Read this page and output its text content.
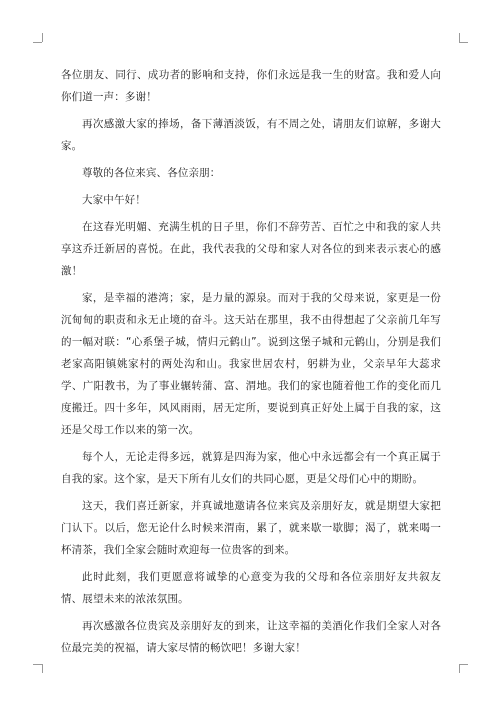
各位朋友、同行、成功者的影响和支持，你们永远是我一生的财富。我和爱人向你们道一声：多谢！

再次感激大家的捧场，备下薄酒淡饭，有不周之处，请朋友们谅解，多谢大家。

尊敬的各位来宾、各位亲朋：

大家中午好！

在这春光明媚、充满生机的日子里，你们不辞劳苦、百忙之中和我的家人共享这乔迁新居的喜悦。在此，我代表我的父母和家人对各位的到来表示衷心的感激！

家，是幸福的港湾；家，是力量的源泉。而对于我的父母来说，家更是一份沉甸甸的职责和永无止境的奋斗。这天站在那里，我不由得想起了父亲前几年写的一幅对联：“心系堡子城，情归元鹤山”。说到这堡子城和元鹤山，分别是我们老家高阳镇姚家村的两处沟和山。我家世居农村，躬耕为业，父亲早年大蕊求学、广阳教书，为了事业辗转蒲、富、渭地。我们的家也随着他工作的变化而几度搬迁。四十多年，风风雨雨，居无定所，要说到真正好处上属于自我的家，这还是父母工作以来的第一次。

每个人，无论走得多远，就算是四海为家，他心中永远都会有一个真正属于自我的家。这个家，是天下所有儿女们的共同心愿，更是父母们心中的期盼。

这天，我们喜迁新家，并真诚地邀请各位来宾及亲朋好友，就是期望大家把门认下。以后，您无论什么时候来渭南，累了，就来歇一歇脚；渴了，就来喝一杯清茶，我们全家会随时欢迎每一位贵客的到来。

此时此刻，我们更愿意将诚挚的心意变为我的父母和各位亲朋好友共叙友情、展望未来的浓浓氛围。

再次感激各位贵宾及亲朋好友的到来，让这幸福的美酒化作我们全家人对各位最完美的祝福，请大家尽情的畅饮吧！多谢大家！
